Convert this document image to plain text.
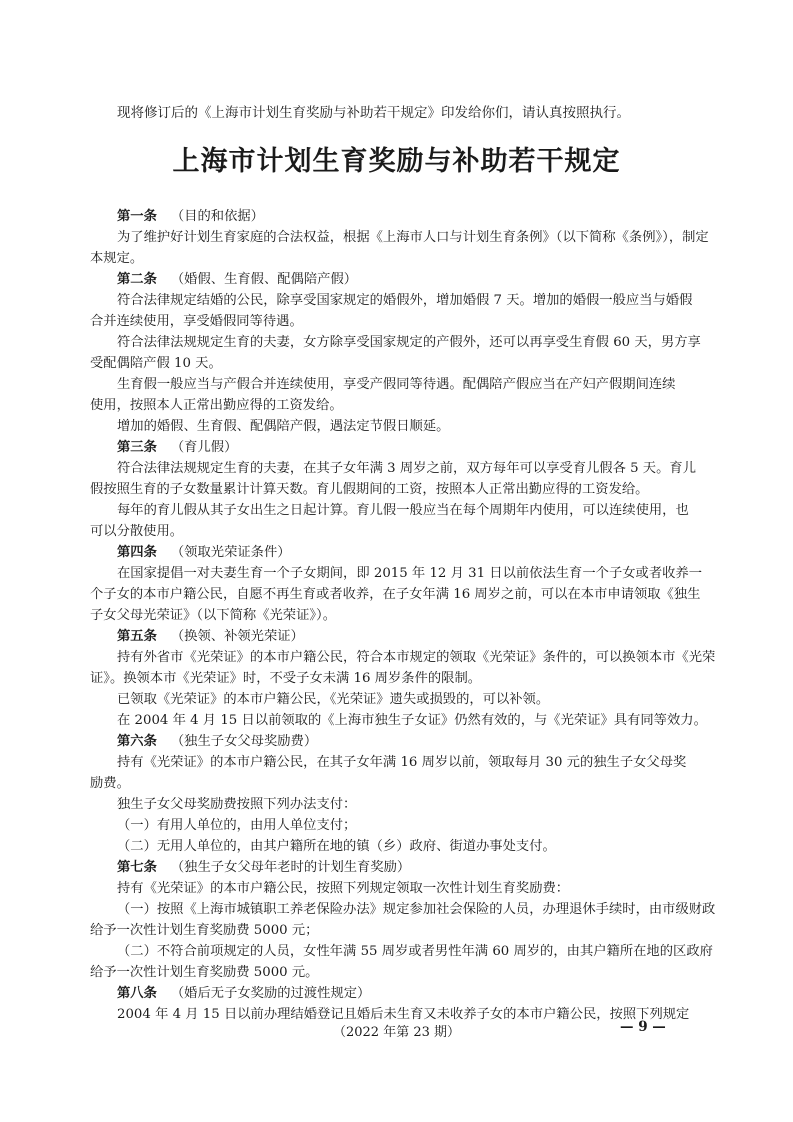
现将修订后的《上海市计划生育奖励与补助若干规定》印发给你们，请认真按照执行。

上海市计划生育奖励与补助若干规定

第一条 （目的和依据）

为了维护好计划生育家庭的合法权益，根据《上海市人口与计划生育条例》（以下简称《条例》），制定

本规定。

第二条 （婚假、生育假、配偶陪产假）

符合法律规定结婚的公民，除享受国家规定的婚假外，增加婚假 7 天。增加的婚假一般应当与婚假

合并连续使用，享受婚假同等待遇。

符合法律法规规定生育的夫妻，女方除享受国家规定的产假外，还可以再享受生育假 60 天，男方享

受配偶陪产假 10 天。

生育假一般应当与产假合并连续使用，享受产假同等待遇。配偶陪产假应当在产妇产假期间连续

使用，按照本人正常出勤应得的工资发给。

增加的婚假、生育假、配偶陪产假，遇法定节假日顺延。

第三条 （育儿假）

符合法律法规规定生育的夫妻，在其子女年满 3 周岁之前，双方每年可以享受育儿假各 5 天。育儿

假按照生育的子女数量累计计算天数。育儿假期间的工资，按照本人正常出勤应得的工资发给。

每年的育儿假从其子女出生之日起计算。育儿假一般应当在每个周期年内使用，可以连续使用，也

可以分散使用。

第四条 （领取光荣证条件）

在国家提倡一对夫妻生育一个子女期间，即 2015 年 12 月 31 日以前依法生育一个子女或者收养一

个子女的本市户籍公民，自愿不再生育或者收养，在子女年满 16 周岁之前，可以在本市申请领取《独生

子女父母光荣证》（以下简称《光荣证》）。

第五条 （换领、补领光荣证）

持有外省市《光荣证》的本市户籍公民，符合本市规定的领取《光荣证》条件的，可以换领本市《光荣

证》。换领本市《光荣证》时，不受子女未满 16 周岁条件的限制。

已领取《光荣证》的本市户籍公民，《光荣证》遗失或损毁的，可以补领。

在 2004 年 4 月 15 日以前领取的《上海市独生子女证》仍然有效的，与《光荣证》具有同等效力。

第六条 （独生子女父母奖励费）

持有《光荣证》的本市户籍公民，在其子女年满 16 周岁以前，领取每月 30 元的独生子女父母奖

励费。

独生子女父母奖励费按照下列办法支付：

（一）有用人单位的，由用人单位支付；

（二）无用人单位的，由其户籍所在地的镇（乡）政府、街道办事处支付。

第七条 （独生子女父母年老时的计划生育奖励）

持有《光荣证》的本市户籍公民，按照下列规定领取一次性计划生育奖励费：

（一）按照《上海市城镇职工养老保险办法》规定参加社会保险的人员，办理退休手续时，由市级财政

给予一次性计划生育奖励费 5000 元；

（二）不符合前项规定的人员，女性年满 55 周岁或者男性年满 60 周岁的，由其户籍所在地的区政府

给予一次性计划生育奖励费 5000 元。

第八条 （婚后无子女奖励的过渡性规定）

2004 年 4 月 15 日以前办理结婚登记且婚后未生育又未收养子女的本市户籍公民，按照下列规定

（2022 年第 23 期）	— 9 —
